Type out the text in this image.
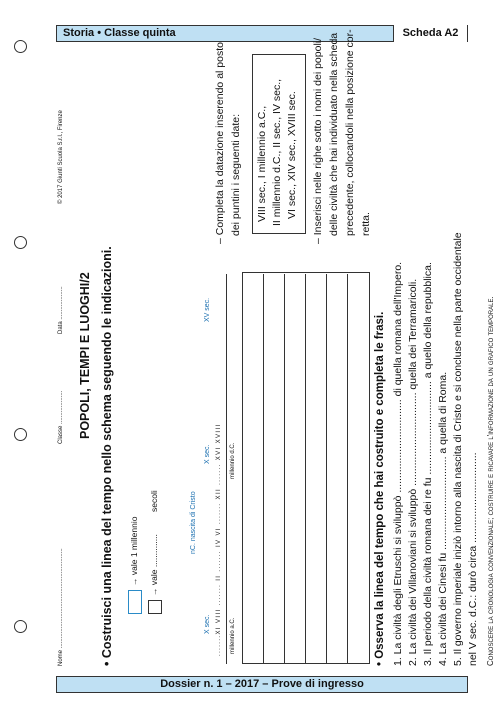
Storia • Classe quinta	Scheda A2
Nome ............................................................
Classe ....................
Data ....................
© 2017 Giunti Scuola S.r.l., Firenze
POPOLI, TEMPI E LUOGHI/2 • Costruisci una linea del tempo nello schema seguendo le indicazioni. → vale 1 millennio → vale ..............
secoli
X sec.
nC. nascita di Cristo
X sec.
XV sec.
.......XI VIII ....... II ....... IV VI ....... XII ....... XVI XVIII millennio a.C.
millennio d.C.
– Completa la datazione inserendo al posto dei puntini i seguenti date: VIII sec., I millennio a.C., II millennio d.C., II sec., IV sec., VI sec., XIV sec., XVIII sec. – Inserisci nelle righe sotto i nomi dei popoli/ delle civiltà che hai individuato nella scheda precedente, collocandoli nella posizione cor- retta.
• Osserva la linea del tempo che hai costruito e completa le frasi. 1. La civiltà degli Etruschi si sviluppò ................................ di quella romana dell'Impero. 2. La civiltà dei Villanoviani si sviluppò ................................ quella dei Terramaricoli. 3. Il periodo della civiltà romana dei re fu ................................ a quello della repubblica. 4. La civiltà dei Cinesi fu ................................ a quella di Roma. 5. Il governo imperiale iniziò intorno alla nascita di Cristo e si concluse nella parte occidentale nel V sec. d.C.: durò circa ............................... Conoscere la cronologia convenzionale; costruire e ricavare l'informazione da un grafico temporale.
Dossier n. 1 – 2017 – Prove di ingresso
